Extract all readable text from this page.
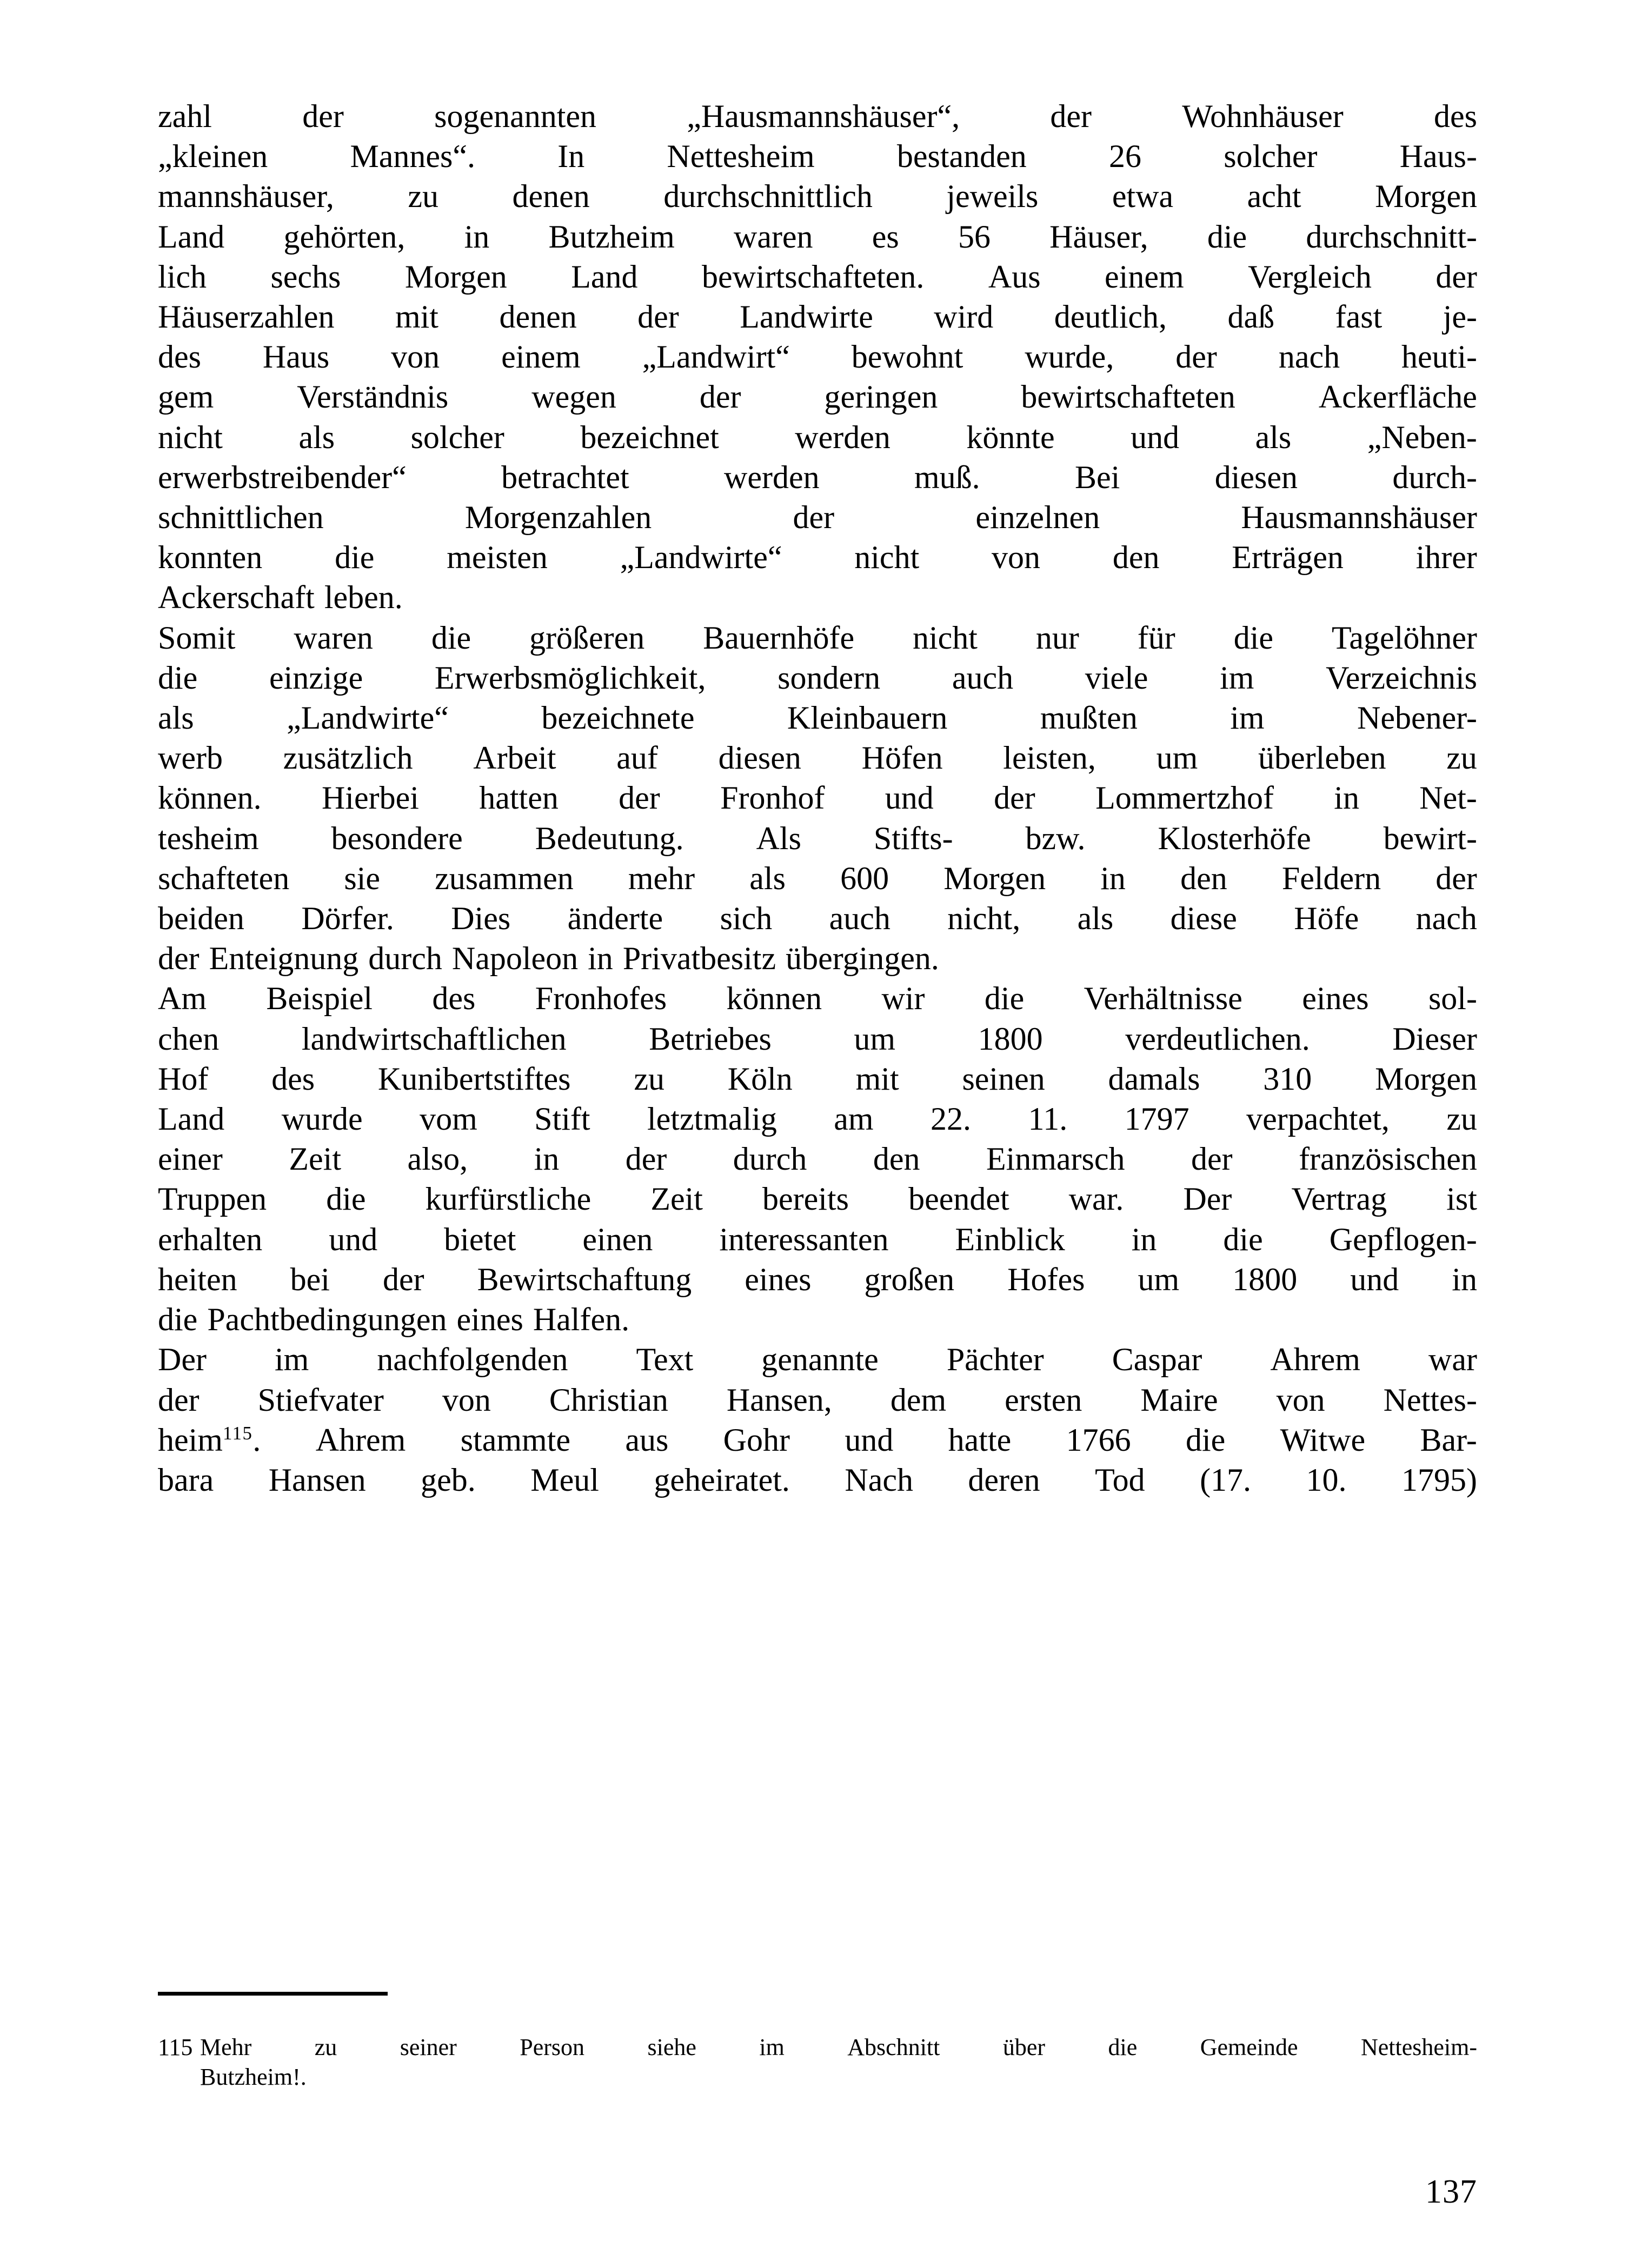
zahl	der	sogenannten	„Hausmannshäuser“,	der	Wohnhäuser	des
„kleinen	Mannes“.	In	Nettesheim	bestanden	26	solcher	Haus-
mannshäuser, zu denen durchschnittlich jeweils etwa acht Morgen
Land gehörten, in Butzheim waren es 56 Häuser, die durchschnitt-
lich sechs Morgen Land bewirtschafteten. Aus einem Vergleich der
Häuserzahlen mit denen der Landwirte wird deutlich, daß fast je-
des Haus von einem „Landwirt“ bewohnt wurde, der nach heuti-
gem	Verständnis	wegen	der	geringen	bewirtschafteten	Ackerfläche
nicht als solcher bezeichnet werden könnte und als „Neben-
erwerbstreibender“	betrachtet	werden	muß.	Bei	diesen	durch-
schnittlichen	Morgenzahlen	der	einzelnen	Hausmannshäuser
konnten die meisten „Landwirte“ nicht von den Erträgen ihrer
Ackerschaft leben.
Somit waren die größeren Bauernhöfe nicht nur für die Tagelöhner
die einzige Erwerbsmöglichkeit, sondern auch viele im Verzeichnis
als	„Landwirte“	bezeichnete	Kleinbauern	mußten	im	Nebener-
werb zusätzlich Arbeit auf diesen Höfen leisten, um überleben zu
können. Hierbei hatten der Fronhof und der Lommertzhof in Net-
tesheim besondere Bedeutung. Als Stifts- bzw. Klosterhöfe bewirt-
schafteten sie zusammen mehr als 600 Morgen in den Feldern der
beiden Dörfer. Dies änderte sich auch nicht, als diese Höfe nach
der Enteignung durch Napoleon in Privatbesitz übergingen.
Am Beispiel des Fronhofes können wir die Verhältnisse eines sol-
chen	landwirtschaftlichen	Betriebes	um	1800	verdeutlichen.	Dieser
Hof des Kunibertstiftes zu Köln mit seinen damals 310 Morgen
Land wurde vom Stift letztmalig am 22. 11. 1797 verpachtet, zu
einer Zeit also, in der durch den Einmarsch der französischen
Truppen die kurfürstliche Zeit bereits beendet war. Der Vertrag ist
erhalten und bietet einen interessanten Einblick in die Gepflogen-
heiten bei der Bewirtschaftung eines großen Hofes um 1800 und in
die Pachtbedingungen eines Halfen.
Der im nachfolgenden Text genannte Pächter Caspar Ahrem war
der Stiefvater von Christian Hansen, dem ersten Maire von Nettes-
heim$^{115}$. Ahrem stammte aus Gohr und hatte 1766 die Witwe Bar-
bara Hansen geb. Meul geheiratet. Nach deren Tod (17. 10. 1795)
115 Mehr	zu	seiner	Person	siehe	im	Abschnitt	über	die	Gemeinde	Nettesheim-
Butzheim!.
137
